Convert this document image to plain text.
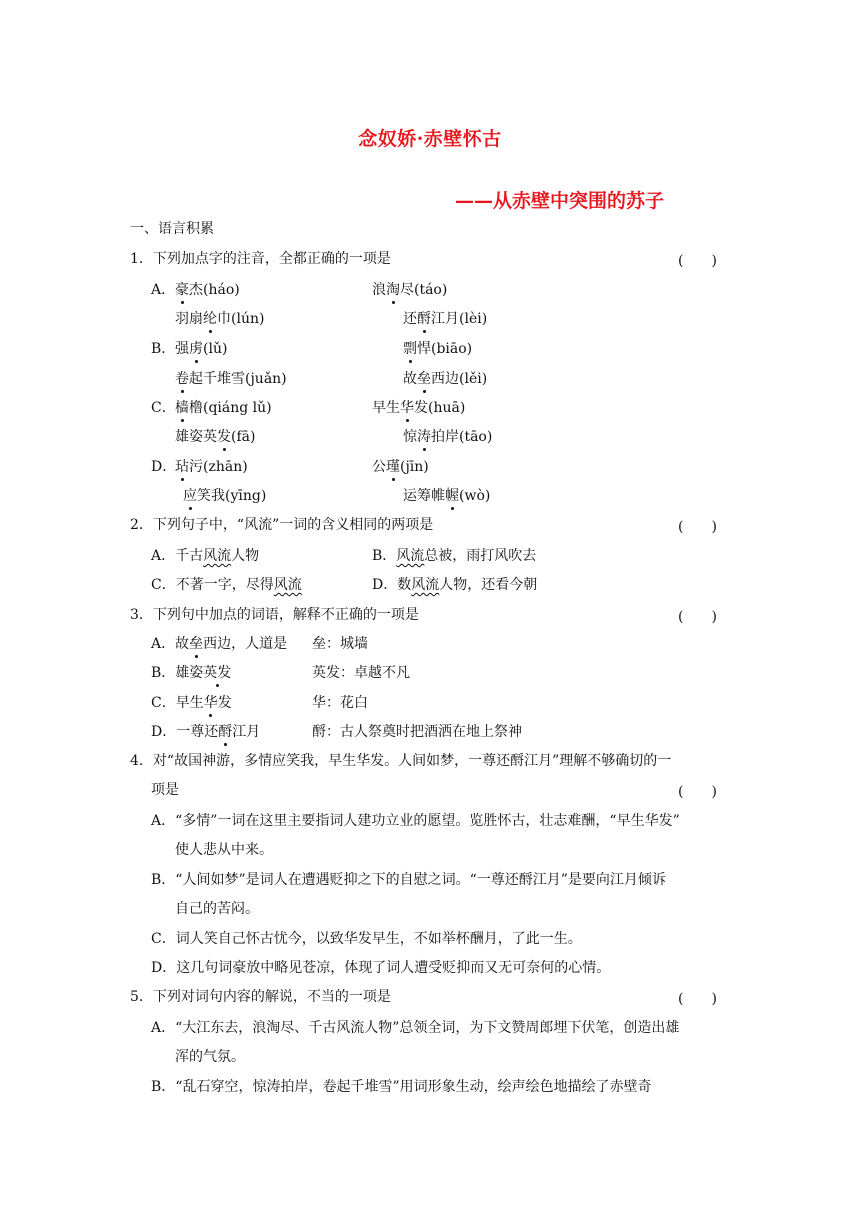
念奴娇·赤壁怀古
——从赤壁中突围的苏子
一、语言积累
1．下列加点字的注音，全都正确的一项是	(　　)
A． 豪杰(háo)	浪淘尽(táo)
羽扇纶巾(lún)	还酹江月(lèi)
B． 强虏(lǔ)	剽悍(biāo)
卷起千堆雪(juǎn)	故垒西边(lěi)
C． 樯橹(qiáng lǔ)	早生华发(huā)
雄姿英发(fā)	惊涛拍岸(tāo)
D．
玷污(zhān)	公瑾(jīn)
应笑我(yīng)	运筹帷幄(wò)
2．下列句子中，“风流”一词的含义相同的两项是	(　　)
A．千古风流人物	B．风流总被，雨打风吹去
C．不著一字，尽得风流	D．数风流人物，还看今朝
3．下列句中加点的词语，解释不正确的一项是	(　　)
A．故垒西边，人道是 垒：城墙
B．雄姿英发	英发：卓越不凡
C．早生华发	华：花白
D．一尊还酹江月	酹：古人祭奠时把酒洒在地上祭神
4．对“故国神游，多情应笑我，早生华发。人间如梦，一尊还酹江月”理解不够确切的一
项是	(　　)
A．“多情”一词在这里主要指词人建功立业的愿望。览胜怀古，壮志难酬，“早生华发”
使人悲从中来。
B．“人间如梦”是词人在遭遇贬抑之下的自慰之词。“一尊还酹江月”是要向江月倾诉
自己的苦闷。
C．词人笑自己怀古忧今，以致华发早生，不如举杯酬月，了此一生。
D．这几句词豪放中略见苍凉，体现了词人遭受贬抑而又无可奈何的心情。
5．下列对词句内容的解说，不当的一项是	(　　)
A．“大江东去，浪淘尽、千古风流人物”总领全词，为下文赞周郎埋下伏笔，创造出雄
浑的气氛。
B．“乱石穿空，惊涛拍岸，卷起千堆雪”用词形象生动，绘声绘色地描绘了赤壁奇
